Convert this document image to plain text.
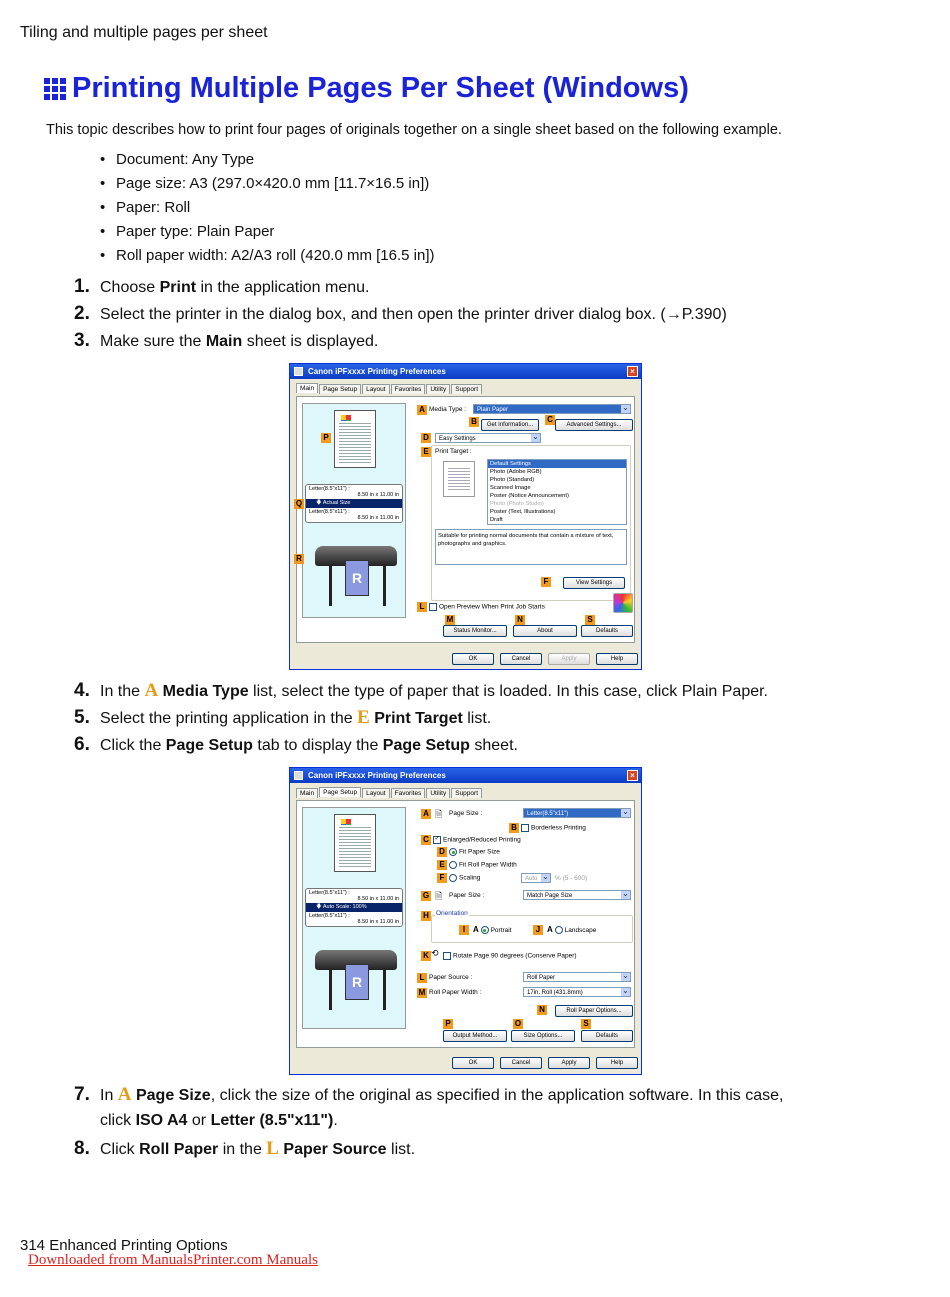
Tiling and multiple pages per sheet
Printing Multiple Pages Per Sheet (Windows)
This topic describes how to print four pages of originals together on a single sheet based on the following example.
• Document: Any Type
• Page size: A3 (297.0×420.0 mm [11.7×16.5 in])
• Paper: Roll
• Paper type: Plain Paper
• Roll paper width: A2/A3 roll (420.0 mm [16.5 in])
1. Choose Print in the application menu.
2. Select the printer in the dialog box, and then open the printer driver dialog box. (→P.390)
3. Make sure the Main sheet is displayed.
Canon iPFxxxx Printing Preferences	×
Main	Page Setup	Layout	Favorites	Utility	Support
Letter(8.5"x11") :
8.50 in x 11.00 in
🡇 Actual Size
Letter(8.5"x11") :
8.50 in x 11.00 in
R
P
Q
R
A Media Type :	Plain Paper ⌄
B	Get Information...
C
Advanced Settings...
D	Easy Settings ⌄
E Print Target :
Default Settings
Photo (Adobe RGB)
Photo (Standard)
Scanned Image
Poster (Notice Announcement)
Photo (Photo Studio)
Poster (Text, Illustrations)
Draft
Suitable for printing normal documents that contain a mixture of text, photographs and graphics.
F	View Settings
L	Open Preview When Print Job Starts
M	N	S
Status Monitor...	About	Defaults
OK	Cancel	Apply	Help
4. In the A Media Type list, select the type of paper that is loaded. In this case, click Plain Paper.
5. Select the printing application in the E Print Target list.
6. Click the Page Setup tab to display the Page Setup sheet.
Canon iPFxxxx Printing Preferences	×
Main	Page Setup	Layout	Favorites	Utility	Support
Letter(8.5"x11") :
8.50 in x 11.00 in
🡇 Auto Scale: 100%
Letter(8.5"x11") :
8.50 in x 11.00 in
R
A 🗎 Page Size :	Letter(8.5"x11") ⌄
B	Borderless Printing
C ✓ Enlarged/Reduced Printing
D	Fit Paper Size
E	Fit Roll Paper Width
F	Scaling	Auto ⌄	% (5 - 600)
G 🗎 Paper Size :	Match Page Size ⌄
H	Orientation
I A Portrait	J A Landscape
K ⟲	Rotate Page 90 degrees (Conserve Paper)
L Paper Source :	Roll Paper ⌄
M Roll Paper Width :	17in. Roll (431.8mm) ⌄
N	Roll Paper Options...
P	O	S
Output Method...	Size Options...	Defaults
OK	Cancel	Apply	Help
7. In A Page Size, click the size of the original as specified in the application software. In this case,
click ISO A4 or Letter (8.5"x11").
8. Click Roll Paper in the L Paper Source list.
314 Enhanced Printing Options
Downloaded from ManualsPrinter.com Manuals
